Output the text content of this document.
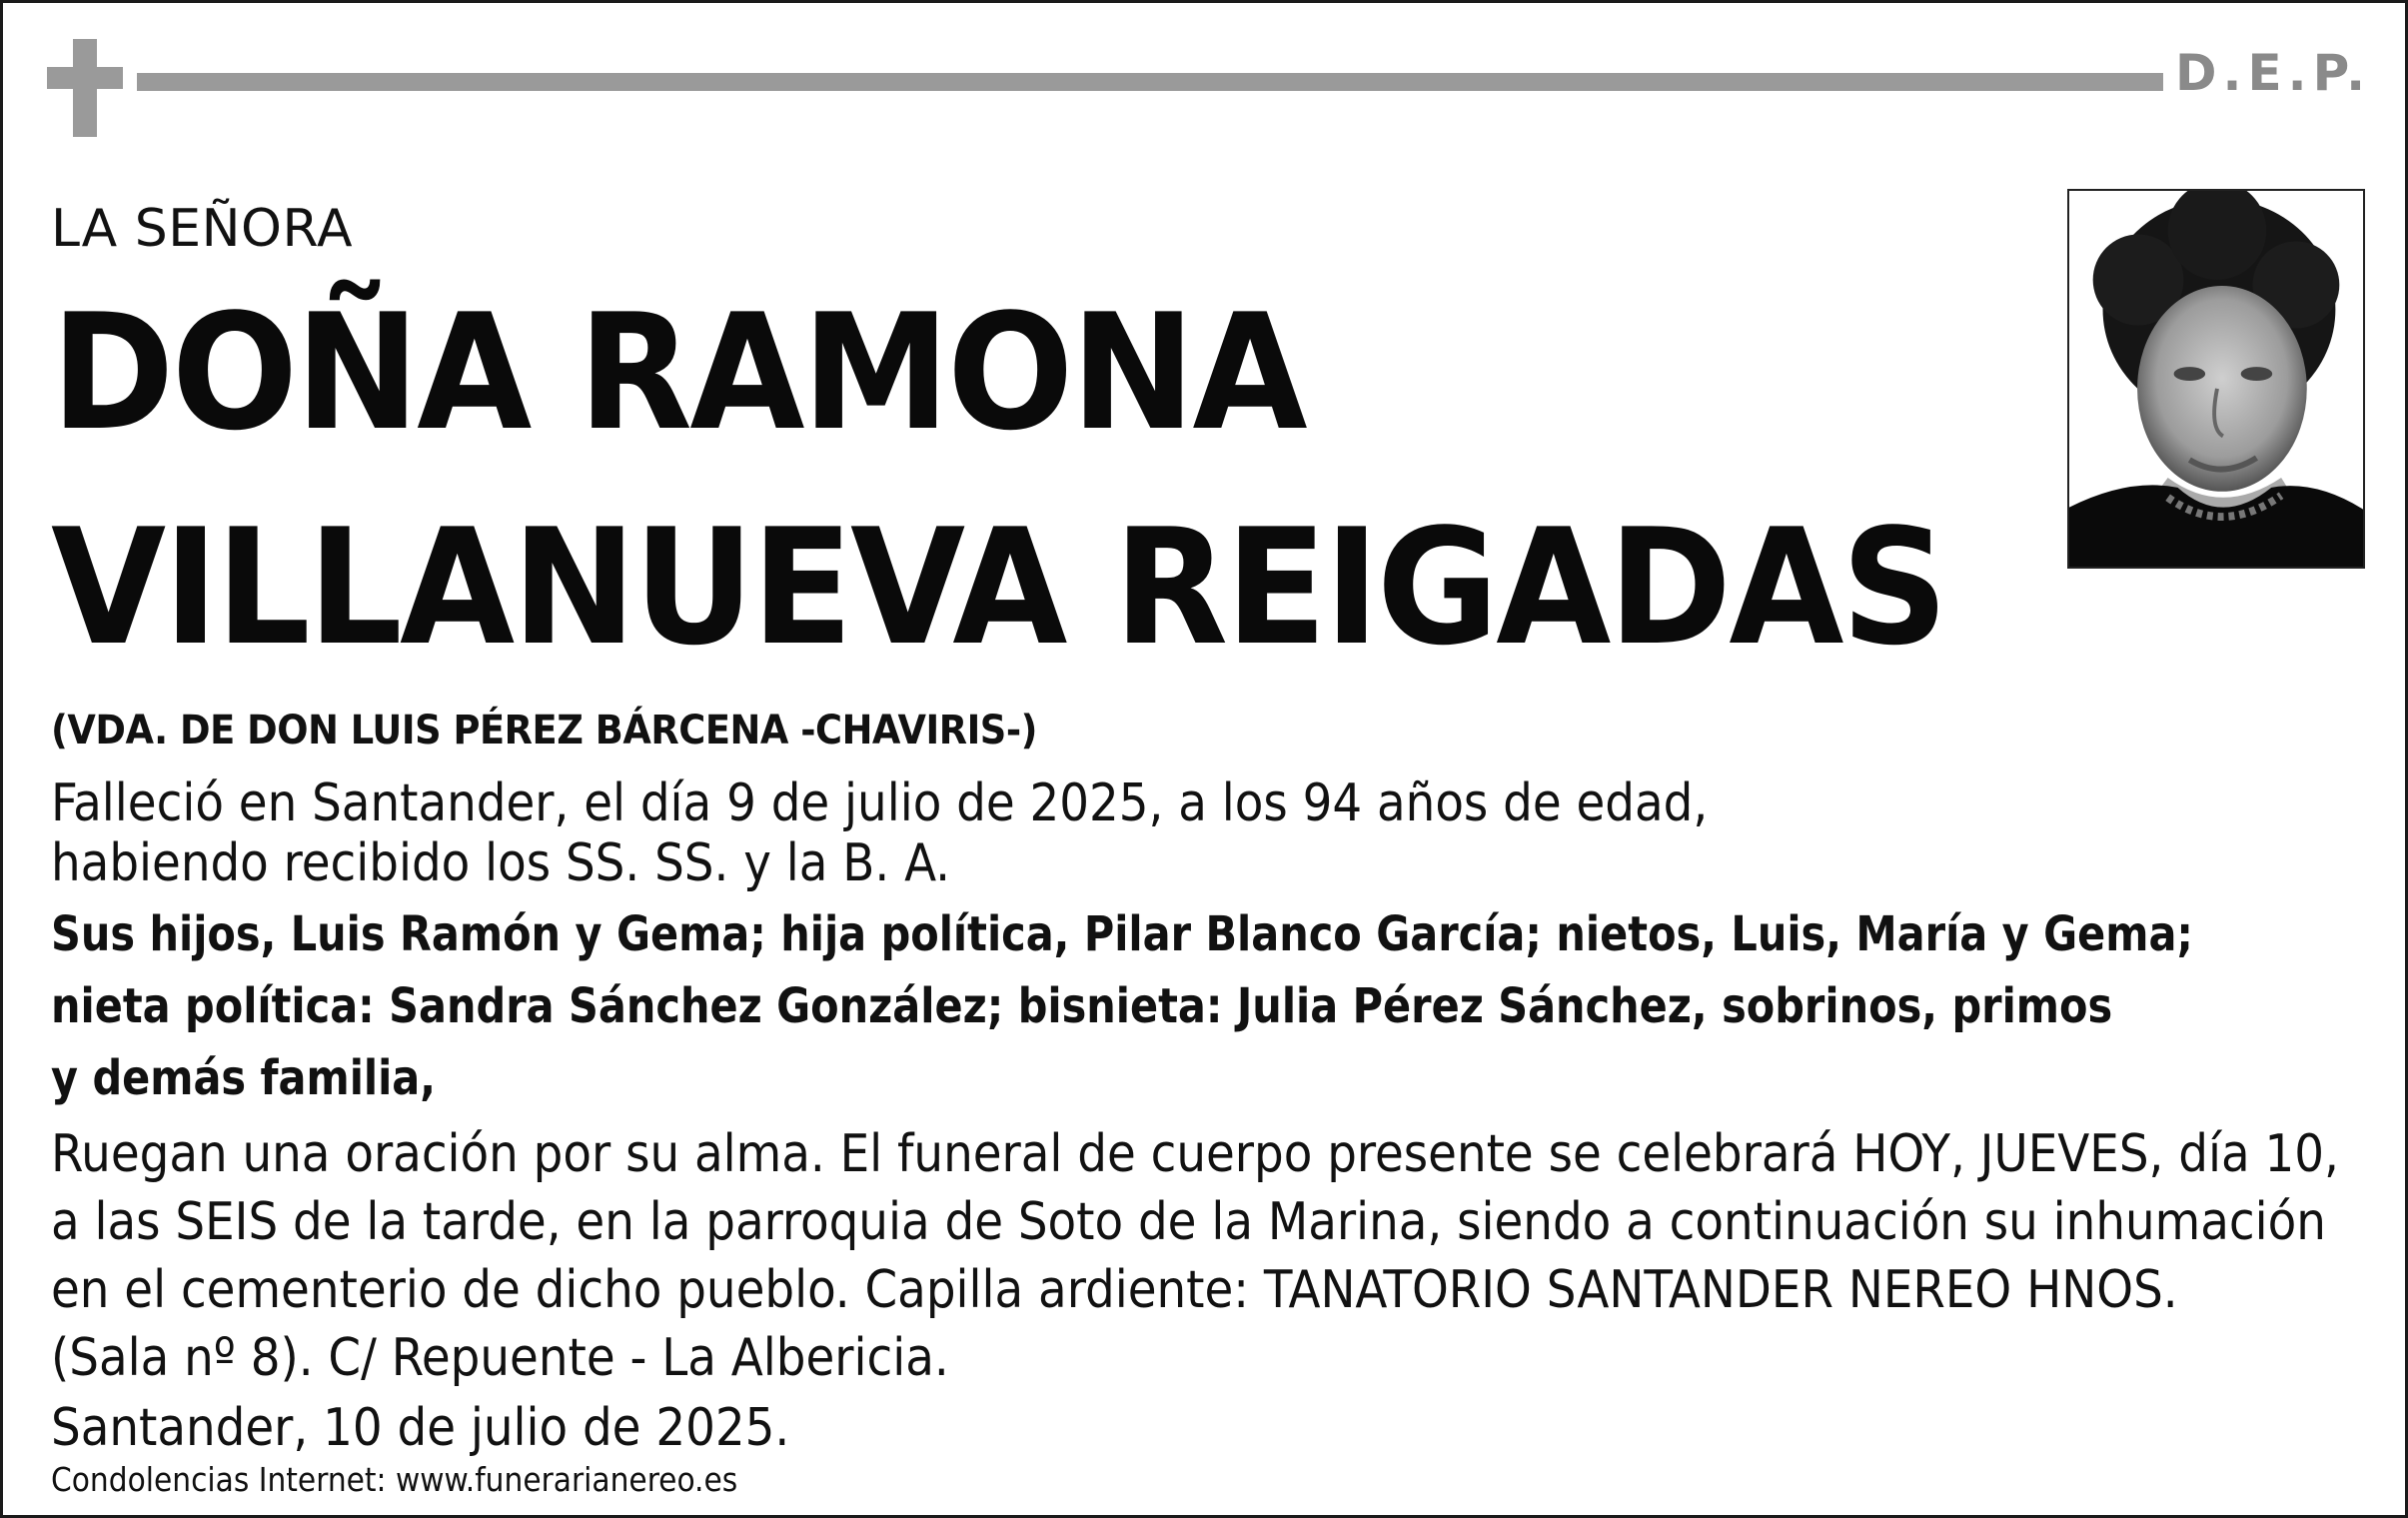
D.E.P.

LA SEÑORA

DOÑA RAMONA

VILLANUEVA REIGADAS

(VDA. DE DON LUIS PÉREZ BÁRCENA -CHAVIRIS-)

Falleció en Santander, el día 9 de julio de 2025, a los 94 años de edad,

habiendo recibido los SS. SS. y la B. A.

Sus hijos, Luis Ramón y Gema; hija política, Pilar Blanco García; nietos, Luis, María y Gema;

nieta política: Sandra Sánchez González; bisnieta: Julia Pérez Sánchez, sobrinos, primos

y demás familia,

Ruegan una oración por su alma. El funeral de cuerpo presente se celebrará HOY, JUEVES, día 10,

a las SEIS de la tarde, en la parroquia de Soto de la Marina, siendo a continuación su inhumación

en el cementerio de dicho pueblo. Capilla ardiente: TANATORIO SANTANDER NEREO HNOS.

(Sala nº 8). C/ Repuente - La Albericia.

Santander, 10 de julio de 2025.

Condolencias Internet: www.funerarianereo.es
